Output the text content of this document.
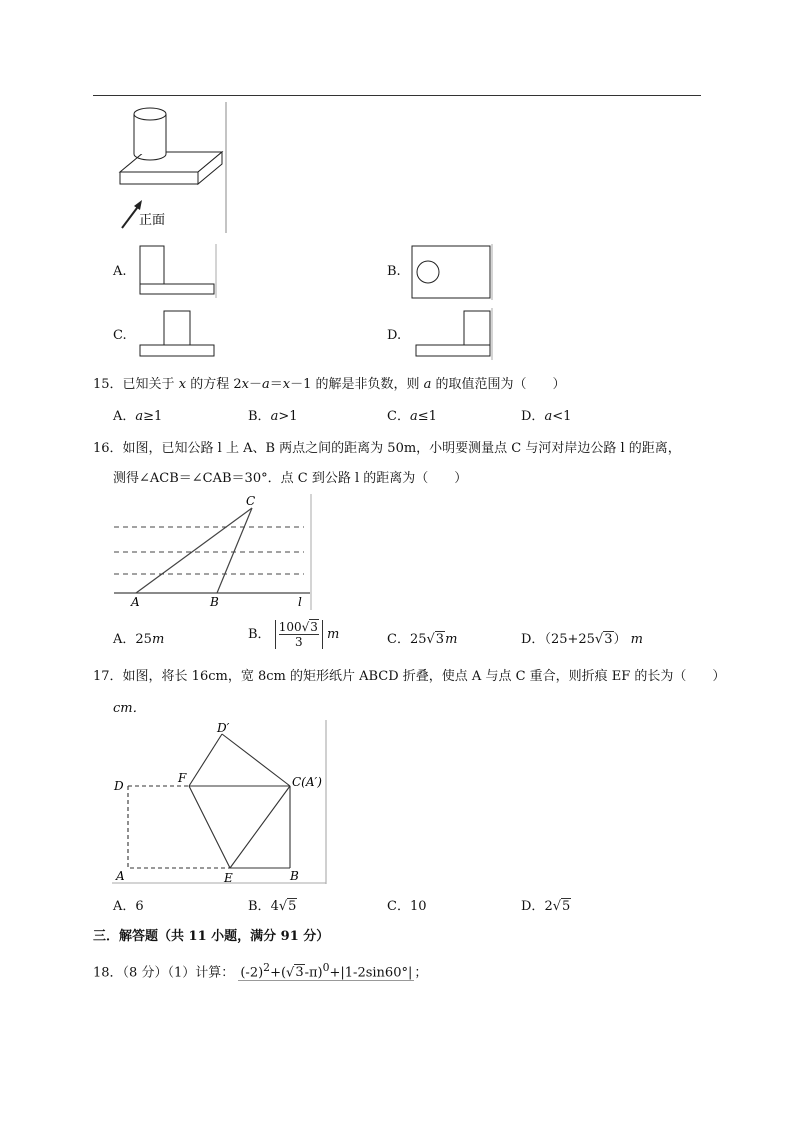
正面
A.	B.
C.	D.
15．已知关于 x 的方程 2x－a＝x－1 的解是非负数，则 a 的取值范围为（　　）
A．a≥1	B．a>1	C．a≤1	D．a<1
16．如图，已知公路 l 上 A、B 两点之间的距离为 50m，小明要测量点 C 与河对岸边公路 l 的距离，
测得∠ACB＝∠CAB＝30°．点 C 到公路 l 的距离为（　　）
C
A	B	l
A．25m	B． $\frac{100√3}{3}$ m	C．25√3m	D．（25+25√3） m
17．如图，将长 16cm，宽 8cm 的矩形纸片 ABCD 折叠，使点 A 与点 C 重合，则折痕 EF 的长为（　　）
cm．
D′
D
F	C(A′)
A	E	B
A．6	B．4√5	C．10	D．2√5
三．解答题（共 11 小题，满分 91 分）
18．（8 分）（1）计算： $(-2)^2+(√3-\pi)^0+|1-2\sin 60^\circ|$ ；
